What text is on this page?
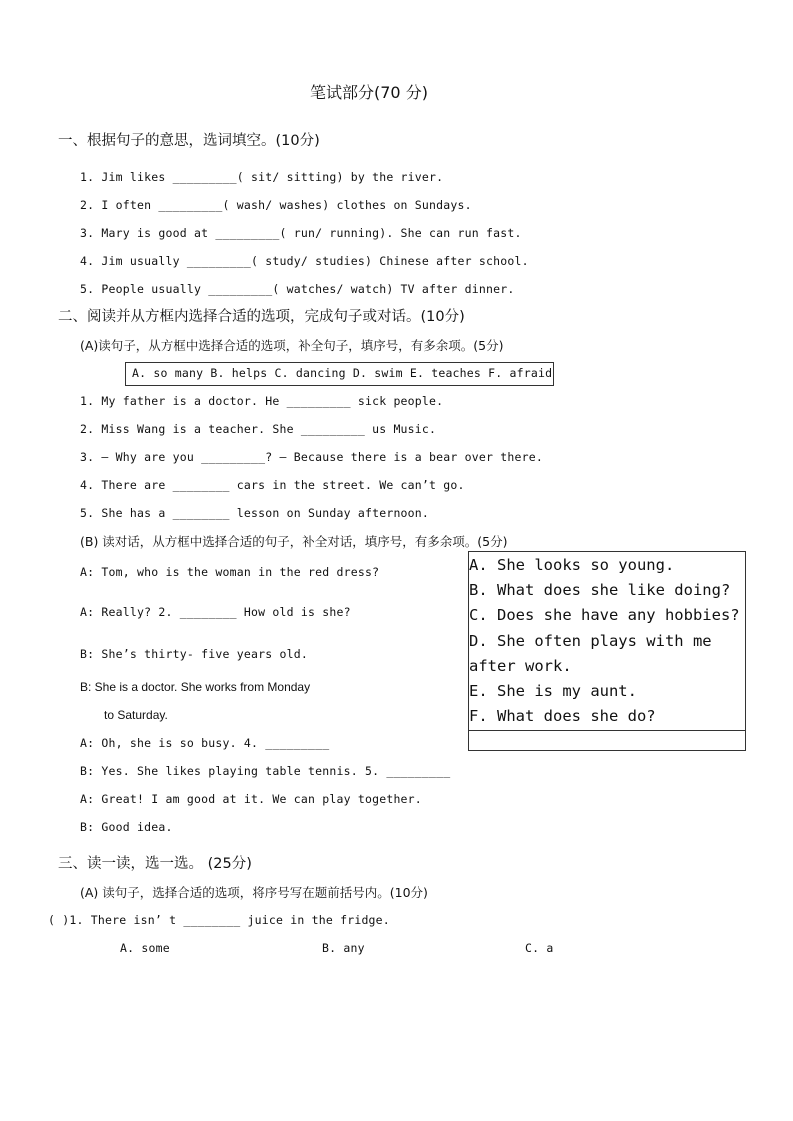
笔试部分(70 分)
一、根据句子的意思，选词填空。(10分)
1. Jim likes _________( sit/ sitting) by the river.
2. I often _________( wash/ washes) clothes on Sundays.
3. Mary is good at _________( run/ running). She can run fast.
4. Jim usually _________( study/ studies) Chinese after school.
5. People usually _________( watches/ watch) TV after dinner.
二、阅读并从方框内选择合适的选项，完成句子或对话。(10分)
(A)读句子，从方框中选择合适的选项，补全句子，填序号，有多余项。(5分)
A. so many B. helps C. dancing D. swim E. teaches F. afraid
1. My father is a doctor. He _________ sick people.
2. Miss Wang is a teacher. She _________ us Music.
3. — Why are you _________? — Because there is a bear over there.
4. There are ________ cars in the street. We can’t go.
5. She has a ________ lesson on Sunday afternoon.
(B) 读对话，从方框中选择合适的句子，补全对话，填序号，有多余项。(5分)
A. She looks so young.
B. What does she like doing?
C. Does she have any hobbies?
D. She often plays with me
after work.
E. She is my aunt.
F. What does she do?
A: Tom, who is the woman in the red dress?
A: Really? 2. ________ How old is she?
B: She’s thirty- five years old.
B: She is a doctor. She works from Monday
to Saturday.
A: Oh, she is so busy. 4. _________
B: Yes. She likes playing table tennis. 5. _________
A: Great! I am good at it. We can play together.
B: Good idea.
三、读一读，选一选。 (25分)
(A) 读句子，选择合适的选项，将序号写在题前括号内。(10分)
( )1. There isn’ t ________ juice in the fridge.
A. some	B. any	C. a
